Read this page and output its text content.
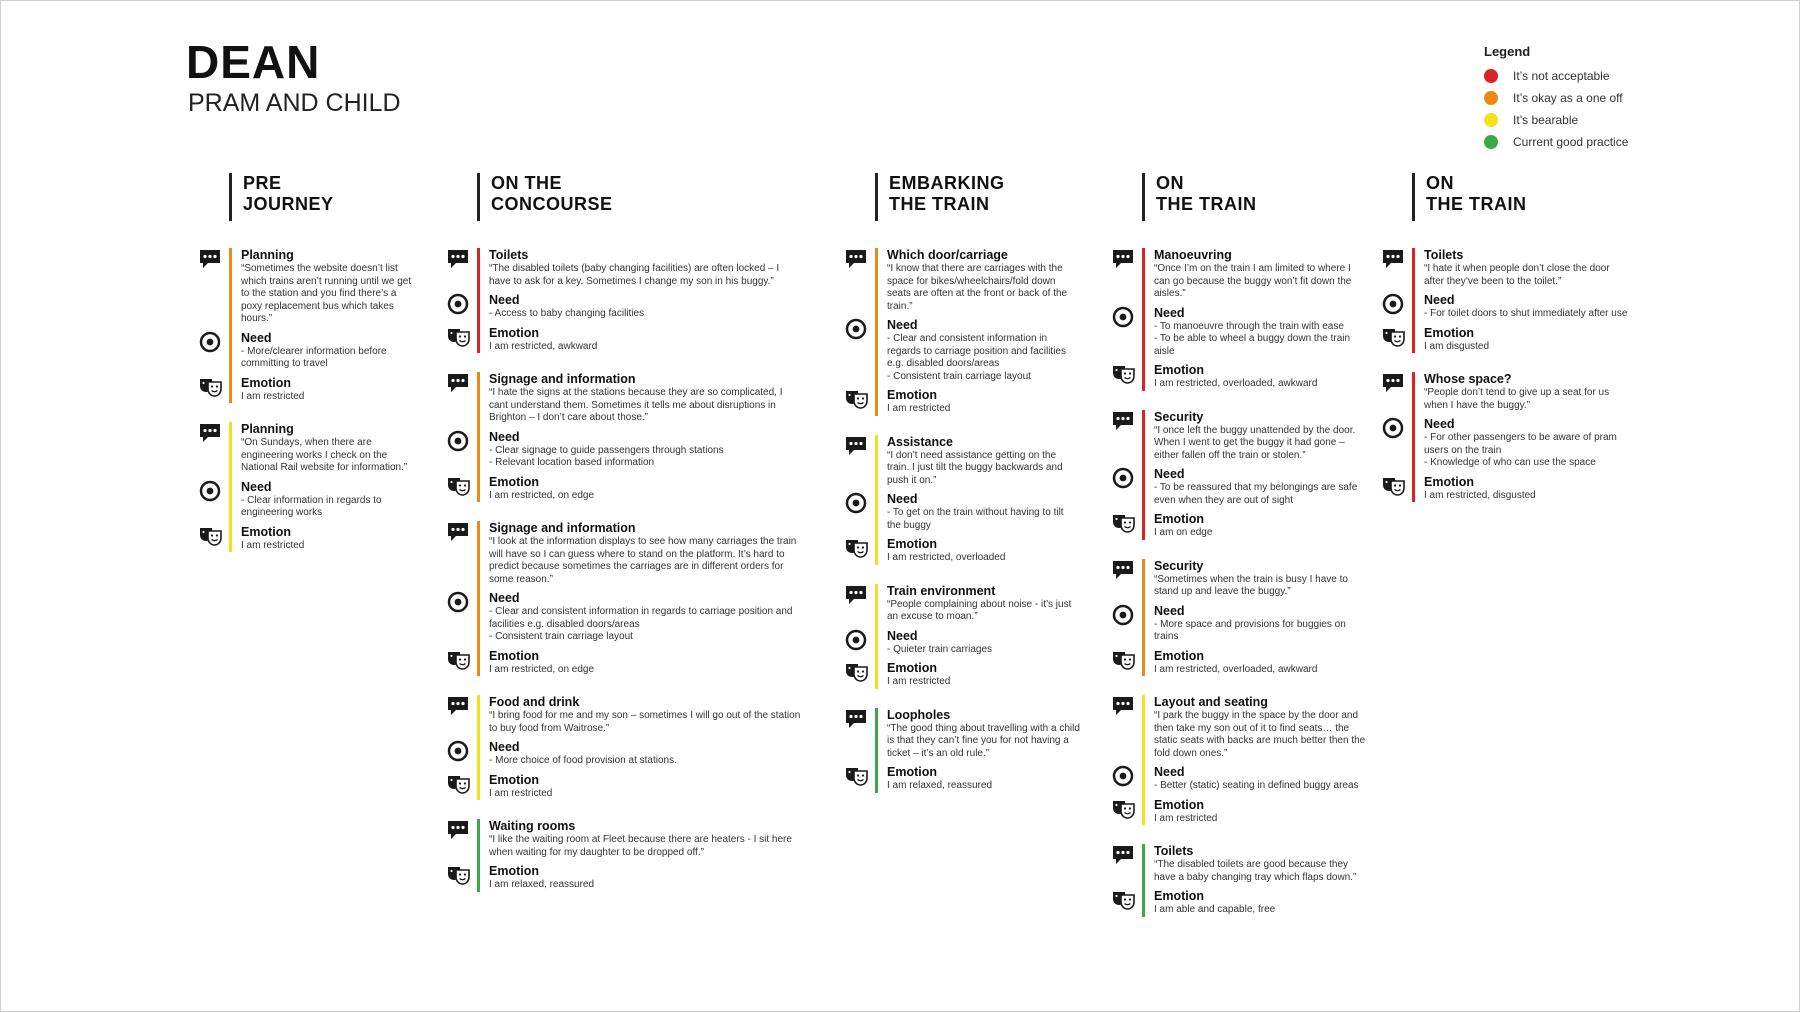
DEAN
PRAM AND CHILD
Legend
It’s not acceptable
It’s okay as a one off
It’s bearable
Current good practice
PRE
JOURNEY
Planning
“Sometimes the website doesn’t list which trains aren’t running until we get to the station and you find there’s a poxy replacement bus which takes hours.”
Need
- More/clearer information before committing to travel
Emotion
I am restricted
Planning
“On Sundays, when there are engineering works I check on the National Rail website for information.”
Need
- Clear information in regards to engineering works
Emotion
I am restricted
ON THE
CONCOURSE
Toilets
“The disabled toilets (baby changing facilities) are often locked – I have to ask for a key. Sometimes I change my son in his buggy.”
Need
- Access to baby changing facilities
Emotion
I am restricted, awkward
Signage and information
“I hate the signs at the stations because they are so complicated, I cant understand them. Sometimes it tells me about disruptions in Brighton – I don’t care about those.”
Need
- Clear signage to guide passengers through stations
- Relevant location based information
Emotion
I am restricted, on edge
Signage and information
“I look at the information displays to see how many carriages the train will have so I can guess where to stand on the platform. It’s hard to predict because sometimes the carriages are in different orders for some reason.”
Need
- Clear and consistent information in regards to carriage position and facilities e.g. disabled doors/areas
- Consistent train carriage layout
Emotion
I am restricted, on edge
Food and drink
“I bring food for me and my son – sometimes I will go out of the station to buy food from Waitrose.”
Need
- More choice of food provision at stations.
Emotion
I am restricted
Waiting rooms
“I like the waiting room at Fleet because there are heaters - I sit here when waiting for my daughter to be dropped off.”
Emotion
I am relaxed, reassured
EMBARKING
THE TRAIN
Which door/carriage
“I know that there are carriages with the space for bikes/wheelchairs/fold down seats are often at the front or back of the train.”
Need
- Clear and consistent information in regards to carriage position and facilities e.g. disabled doors/areas
- Consistent train carriage layout
Emotion
I am restricted
Assistance
“I don’t need assistance getting on the train. I just tilt the buggy backwards and push it on.”
Need
- To get on the train without having to tilt the buggy
Emotion
I am restricted, overloaded
Train environment
“People complaining about noise - it’s just an excuse to moan.”
Need
- Quieter train carriages
Emotion
I am restricted
Loopholes
“The good thing about travelling with a child is that they can’t fine you for not having a ticket – it’s an old rule.”
Emotion
I am relaxed, reassured
ON
THE TRAIN
Manoeuvring
“Once I’m on the train I am limited to where I can go because the buggy won’t fit down the aisles.”
Need
- To manoeuvre through the train with ease
- To be able to wheel a buggy down the train aisle
Emotion
I am restricted, overloaded, awkward
Security
“I once left the buggy unattended by the door. When I went to get the buggy it had gone – either fallen off the train or stolen.”
Need
- To be reassured that my belongings are safe even when they are out of sight
Emotion
I am on edge
Security
“Sometimes when the train is busy I have to stand up and leave the buggy.”
Need
- More space and provisions for buggies on trains
Emotion
I am restricted, overloaded, awkward
Layout and seating
“I park the buggy in the space by the door and then take my son out of it to find seats… the static seats with backs are much better then the fold down ones.”
Need
- Better (static) seating in defined buggy areas
Emotion
I am restricted
Toilets
“The disabled toilets are good because they have a baby changing tray which flaps down.”
Emotion
I am able and capable, free
ON
THE TRAIN
Toilets
“I hate it when people don’t close the door after they’ve been to the toilet.”
Need
- For toilet doors to shut immediately after use
Emotion
I am disgusted
Whose space?
“People don’t tend to give up a seat for us when I have the buggy.”
Need
- For other passengers to be aware of pram users on the train
- Knowledge of who can use the space
Emotion
I am restricted, disgusted
